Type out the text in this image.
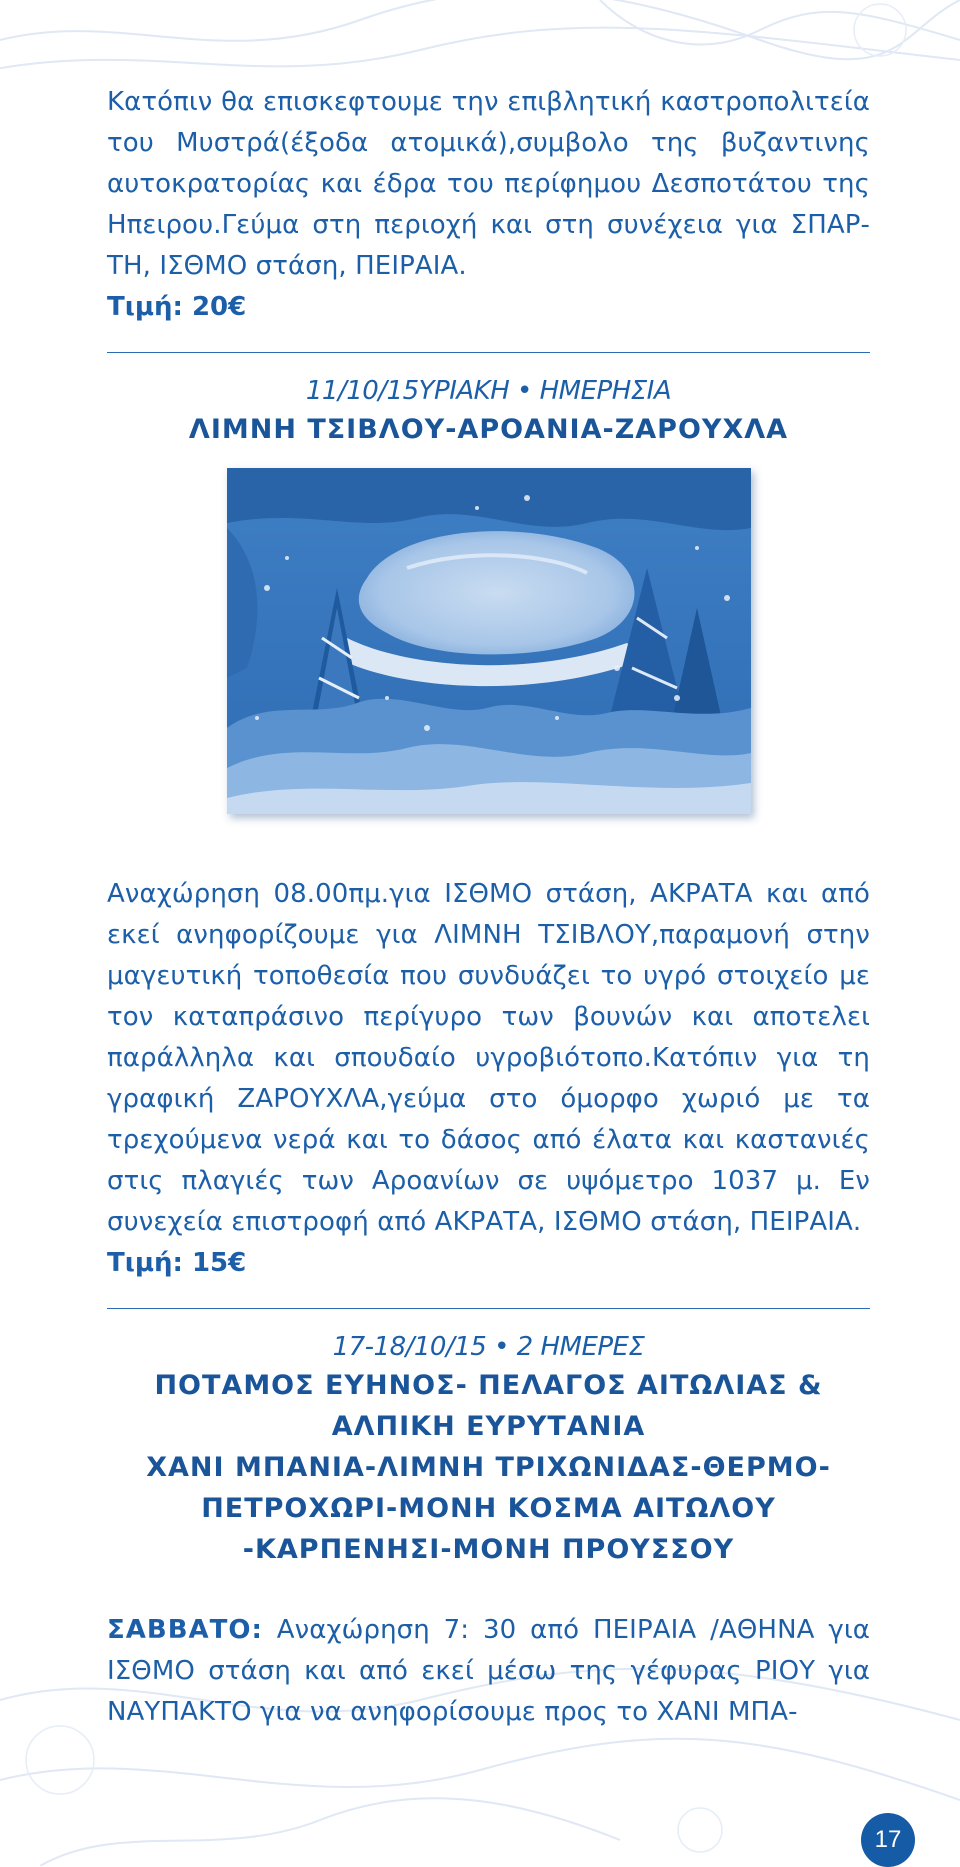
Κατόπιν θα επισκεφτουμε την επιβλητική καστροπολιτεία του Μυστρά(έξοδα ατομικά),συμβολο της βυζαντινης αυτοκρατορίας και έδρα του περίφημου Δεσποτάτου της Ηπειρου.Γεύμα στη περιοχή και στη συνέχεια για ΣΠΑΡ-ΤΗ, ΙΣΘΜΟ στάση, ΠΕΙΡΑΙΑ.

Τιμή: 20€

11/10/15ΥΡΙΑΚΗ • ΗΜΕΡΗΣΙΑ

ΛΙΜΝΗ ΤΣΙΒΛΟΥ-ΑΡΟΑΝΙΑ-ΖΑΡΟΥΧΛΑ

Αναχώρηση 08.00πμ.για ΙΣΘΜΟ στάση, ΑΚΡΑΤΑ και από εκεί ανηφορίζουμε για ΛΙΜΝΗ ΤΣΙΒΛΟΥ,παραμονή στην μαγευτική τοποθεσία που συνδυάζει το υγρό στοιχείο με τον καταπράσινο περίγυρο των βουνών και αποτελει παράλληλα και σπουδαίο υγροβιότοπο.Κατόπιν για τη γραφική ΖΑΡΟΥΧΛΑ,γεύμα στο όμορφο χωριό με τα τρεχούμενα νερά και το δάσος από έλατα και καστανιές στις πλαγιές των Αροανίων σε υψόμετρο 1037 μ. Εν συνεχεία επιστροφή από ΑΚΡΑΤΑ, ΙΣΘΜΟ στάση, ΠΕΙΡΑΙΑ.

Τιμή: 15€

17-18/10/15 • 2 ΗΜΕΡΕΣ

ΠΟΤΑΜΟΣ ΕΥΗΝΟΣ- ΠΕΛΑΓΟΣ ΑΙΤΩΛΙΑΣ &

ΑΛΠΙΚΗ ΕΥΡΥΤΑΝΙΑ

ΧΑΝΙ ΜΠΑΝΙΑ-ΛΙΜΝΗ ΤΡΙΧΩΝΙΔΑΣ-ΘΕΡΜΟ-

ΠΕΤΡΟΧΩΡΙ-ΜΟΝΗ ΚΟΣΜΑ ΑΙΤΩΛΟΥ

-ΚΑΡΠΕΝΗΣΙ-ΜΟΝΗ ΠΡΟΥΣΣΟΥ

ΣΑΒΒΑΤΟ: Αναχώρηση 7: 30 από ΠΕΙΡΑΙΑ /ΑΘΗΝΑ για ΙΣΘΜΟ στάση και από εκεί μέσω της γέφυρας ΡΙΟΥ για ΝΑΥΠΑΚΤΟ για να ανηφορίσουμε προς το ΧΑΝΙ ΜΠΑ-

17
